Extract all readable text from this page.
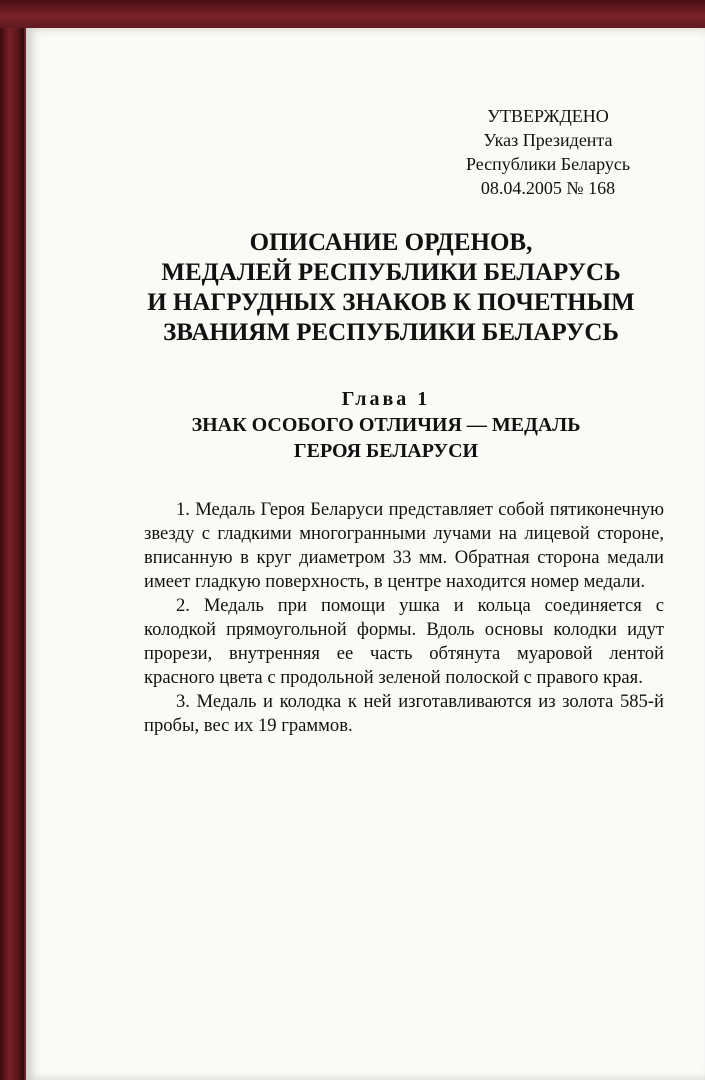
УТВЕРЖДЕНО
Указ Президента
Республики Беларусь
08.04.2005 № 168
ОПИСАНИЕ ОРДЕНОВ,
МЕДАЛЕЙ РЕСПУБЛИКИ БЕЛАРУСЬ
И НАГРУДНЫХ ЗНАКОВ К ПОЧЕТНЫМ
ЗВАНИЯМ РЕСПУБЛИКИ БЕЛАРУСЬ
Глава 1
ЗНАК ОСОБОГО ОТЛИЧИЯ — МЕДАЛЬ
ГЕРОЯ БЕЛАРУСИ

1. Медаль Героя Беларуси представляет собой пятиконечную звезду с гладкими многогранными лучами на лицевой стороне, вписанную в круг диаметром 33 мм. Обратная сторона медали имеет гладкую поверхность, в центре находится номер медали.

2. Медаль при помощи ушка и кольца соединяется с колодкой прямоугольной формы. Вдоль основы колодки идут прорези, внутренняя ее часть обтянута муаровой лентой красного цвета с продольной зеленой полоской с правого края.

3. Медаль и колодка к ней изготавливаются из золота 585-й пробы, вес их 19 граммов.
